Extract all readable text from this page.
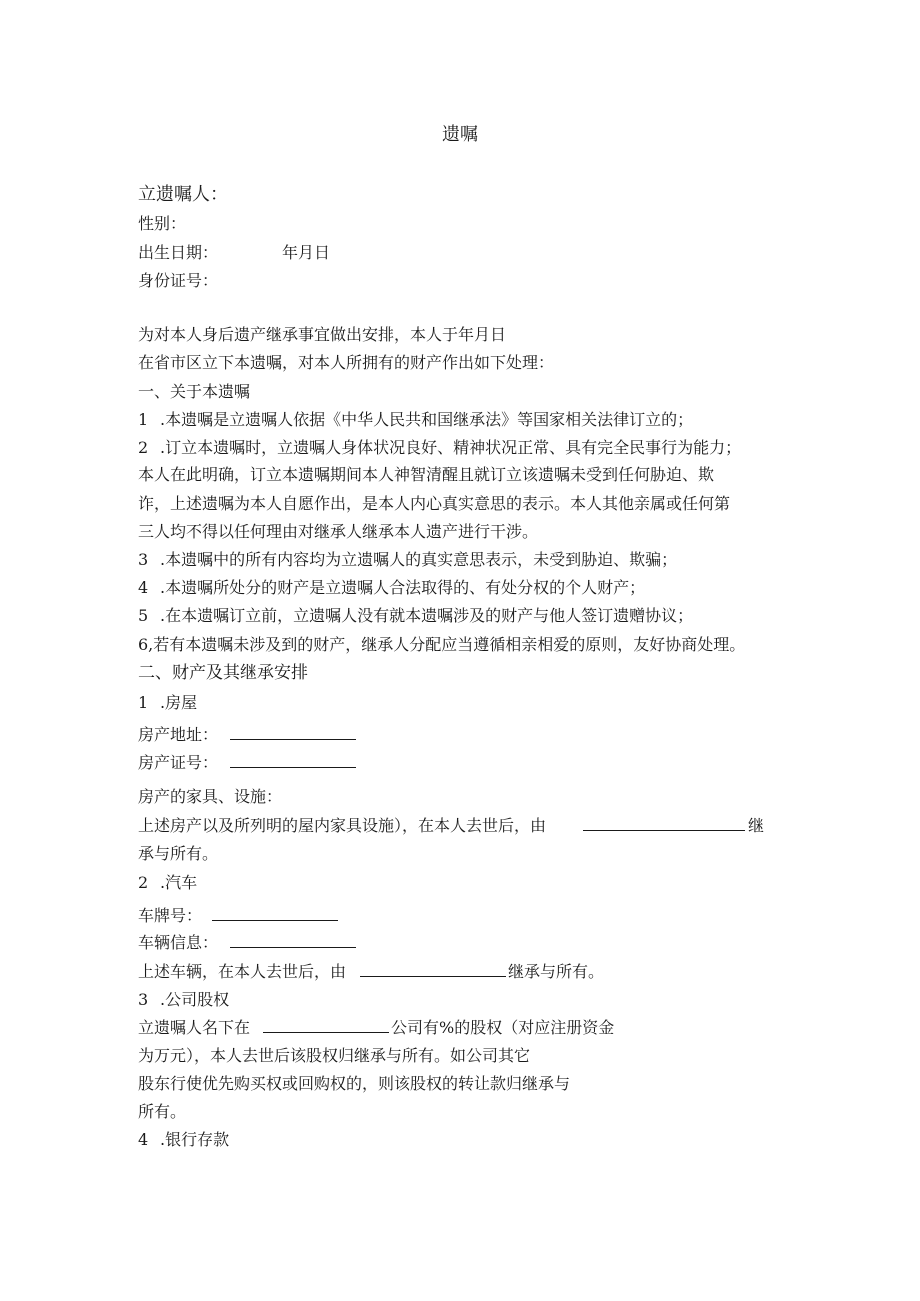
遗嘱
立遗嘱人：
性别：
出生日期：	年月日
身份证号：
为对本人身后遗产继承事宜做出安排，本人于年月日
在省市区立下本遗嘱，对本人所拥有的财产作出如下处理：
一、关于本遗嘱
1 .本遗嘱是立遗嘱人依据《中华人民共和国继承法》等国家相关法律订立的；
2 .订立本遗嘱时，立遗嘱人身体状况良好、精神状况正常、具有完全民事行为能力；
本人在此明确，订立本遗嘱期间本人神智清醒且就订立该遗嘱未受到任何胁迫、欺
诈，上述遗嘱为本人自愿作出，是本人内心真实意思的表示。本人其他亲属或任何第
三人均不得以任何理由对继承人继承本人遗产进行干涉。
3 .本遗嘱中的所有内容均为立遗嘱人的真实意思表示，未受到胁迫、欺骗；
4 .本遗嘱所处分的财产是立遗嘱人合法取得的、有处分权的个人财产；
5 .在本遗嘱订立前，立遗嘱人没有就本遗嘱涉及的财产与他人签订遗赠协议；
6,若有本遗嘱未涉及到的财产，继承人分配应当遵循相亲相爱的原则，友好协商处理。
二、财产及其继承安排
1 .房屋
房产地址：
房产证号：
房产的家具、设施：
上述房产以及所列明的屋内家具设施），在本人去世后，由	继
承与所有。
2 .汽车
车牌号：
车辆信息：
上述车辆，在本人去世后，由	继承与所有。
3 .公司股权
立遗嘱人名下在	公司有%的股权（对应注册资金
为万元），本人去世后该股权归继承与所有。如公司其它
股东行使优先购买权或回购权的，则该股权的转让款归继承与
所有。
4 .银行存款
